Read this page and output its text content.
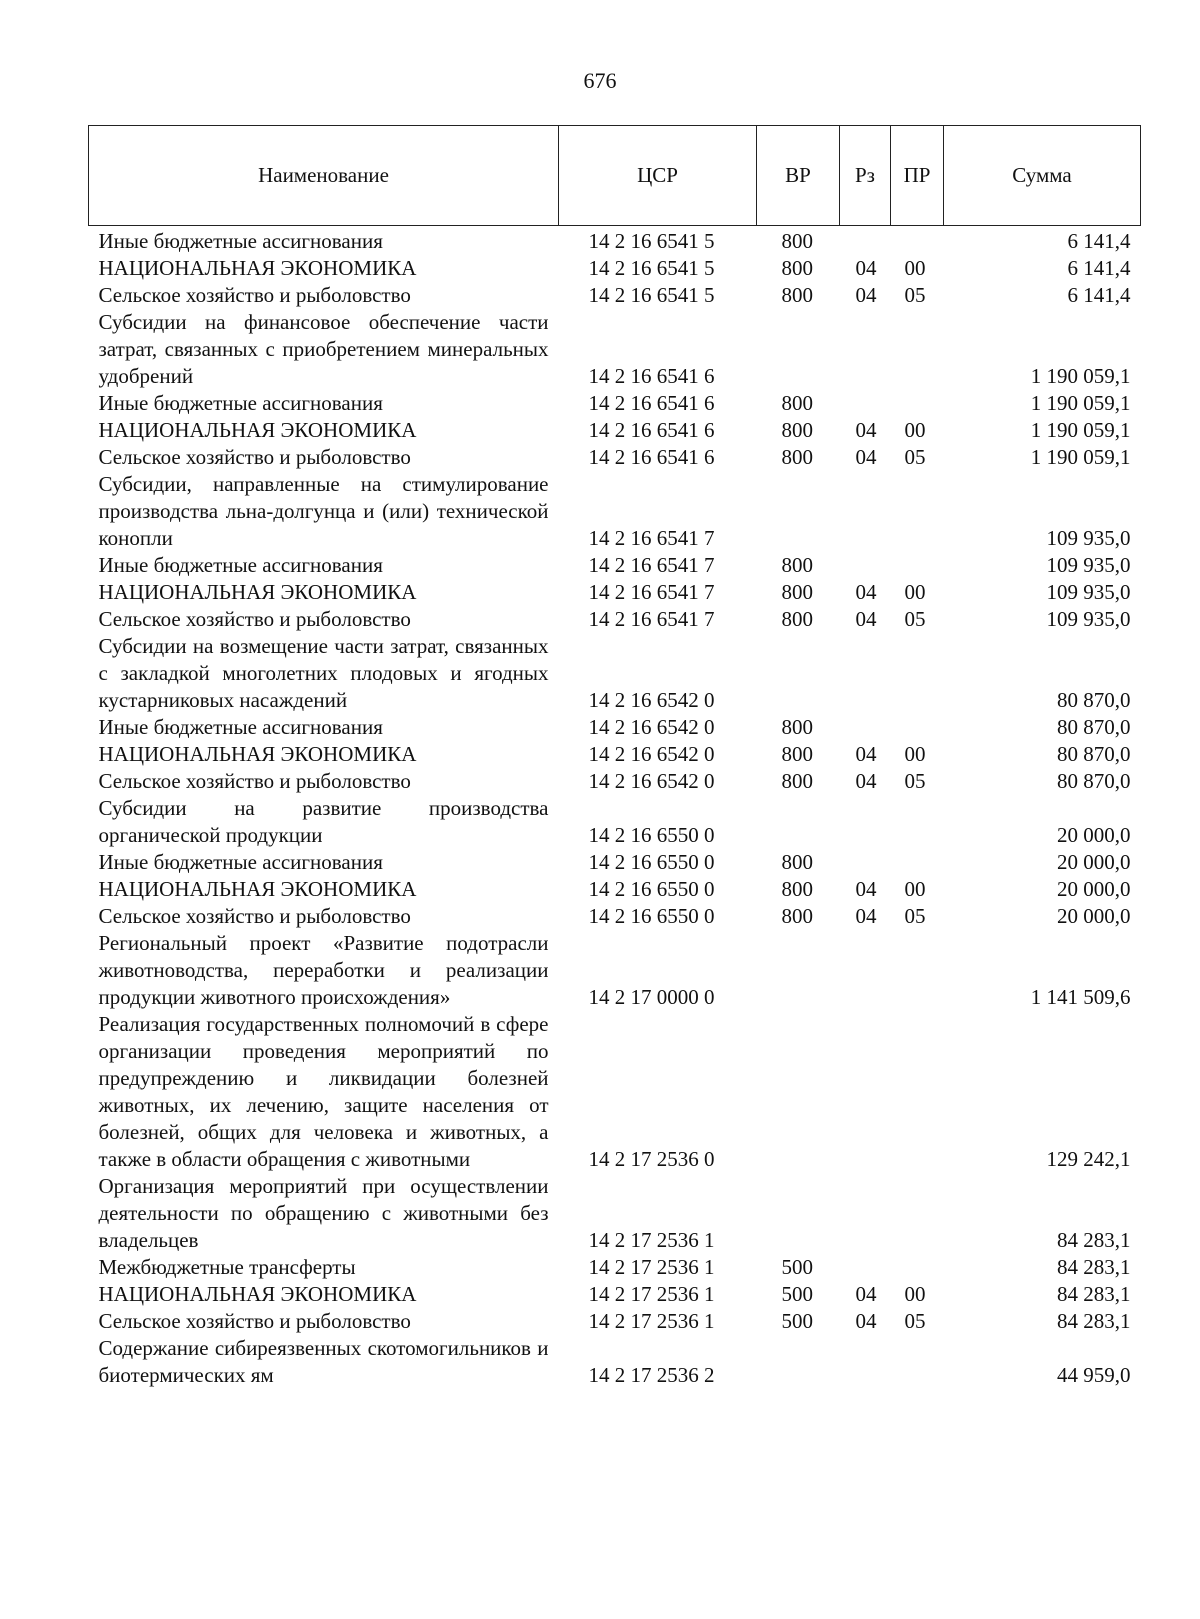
676
Наименование	ЦСР	ВР	Рз	ПР	Сумма
Иные бюджетные ассигнования	14 2 16 6541 5	800			6 141,4
НАЦИОНАЛЬНАЯ ЭКОНОМИКА	14 2 16 6541 5	800	04	00	6 141,4
Сельское хозяйство и рыболовство	14 2 16 6541 5	800	04	05	6 141,4
Субсидии на финансовое обеспечение части затрат, связанных с приобретением минеральных удобрений	14 2 16 6541 6				1 190 059,1
Иные бюджетные ассигнования	14 2 16 6541 6	800			1 190 059,1
НАЦИОНАЛЬНАЯ ЭКОНОМИКА	14 2 16 6541 6	800	04	00	1 190 059,1
Сельское хозяйство и рыболовство	14 2 16 6541 6	800	04	05	1 190 059,1
Субсидии, направленные на стимулирование производства льна-долгунца и (или) технической конопли	14 2 16 6541 7				109 935,0
Иные бюджетные ассигнования	14 2 16 6541 7	800			109 935,0
НАЦИОНАЛЬНАЯ ЭКОНОМИКА	14 2 16 6541 7	800	04	00	109 935,0
Сельское хозяйство и рыболовство	14 2 16 6541 7	800	04	05	109 935,0
Субсидии на возмещение части затрат, связанных с закладкой многолетних плодовых и ягодных кустарниковых насаждений	14 2 16 6542 0				80 870,0
Иные бюджетные ассигнования	14 2 16 6542 0	800			80 870,0
НАЦИОНАЛЬНАЯ ЭКОНОМИКА	14 2 16 6542 0	800	04	00	80 870,0
Сельское хозяйство и рыболовство	14 2 16 6542 0	800	04	05	80 870,0
Субсидии на развитие производства органической продукции	14 2 16 6550 0				20 000,0
Иные бюджетные ассигнования	14 2 16 6550 0	800			20 000,0
НАЦИОНАЛЬНАЯ ЭКОНОМИКА	14 2 16 6550 0	800	04	00	20 000,0
Сельское хозяйство и рыболовство	14 2 16 6550 0	800	04	05	20 000,0
Региональный проект «Развитие подотрасли животноводства, переработки и реализации продукции животного происхождения»	14 2 17 0000 0				1 141 509,6
Реализация государственных полномочий в сфере организации проведения мероприятий по предупреждению и ликвидации болезней животных, их лечению, защите населения от болезней, общих для человека и животных, а также в области обращения с животными	14 2 17 2536 0				129 242,1
Организация мероприятий при осуществлении деятельности по обращению с животными без владельцев	14 2 17 2536 1				84 283,1
Межбюджетные трансферты	14 2 17 2536 1	500			84 283,1
НАЦИОНАЛЬНАЯ ЭКОНОМИКА	14 2 17 2536 1	500	04	00	84 283,1
Сельское хозяйство и рыболовство	14 2 17 2536 1	500	04	05	84 283,1
Содержание сибиреязвенных скотомогильников и биотермических ям	14 2 17 2536 2				44 959,0
